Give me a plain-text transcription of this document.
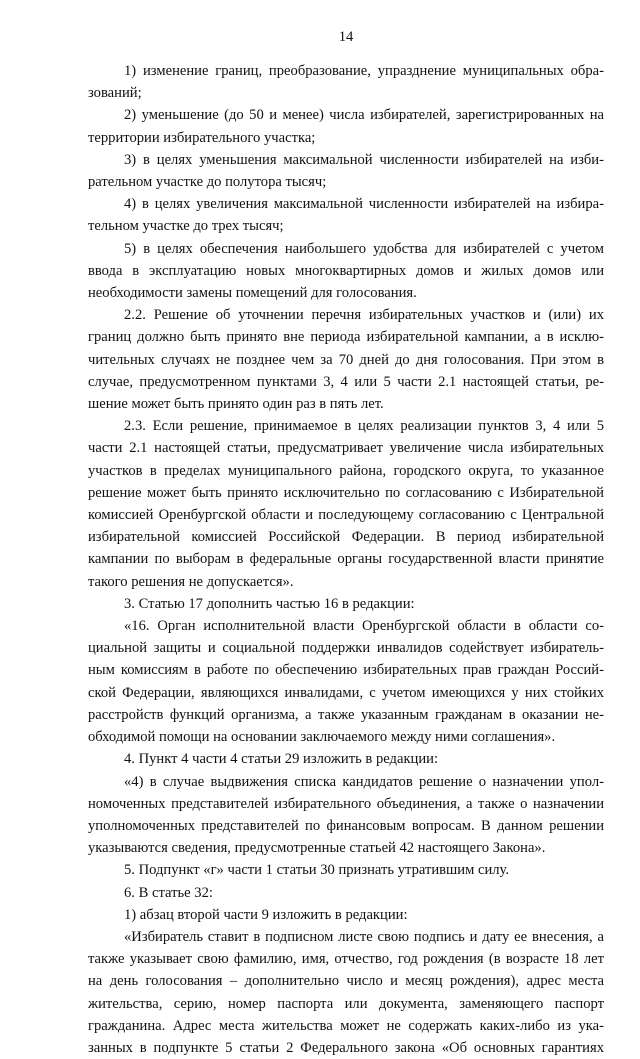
14

1) изменение границ, преобразование, упразднение муниципальных образований;

2) уменьшение (до 50 и менее) числа избирателей, зарегистрированных на территории избирательного участка;

3) в целях уменьшения максимальной численности избирателей на избирательном участке до полутора тысяч;

4) в целях увеличения максимальной численности избирателей на избирательном участке до трех тысяч;

5) в целях обеспечения наибольшего удобства для избирателей с учетом ввода в эксплуатацию новых многоквартирных домов и жилых домов или необходимости замены помещений для голосования.

2.2. Решение об уточнении перечня избирательных участков и (или) их границ должно быть принято вне периода избирательной кампании, а в исключительных случаях не позднее чем за 70 дней до дня голосования. При этом в случае, предусмотренном пунктами 3, 4 или 5 части 2.1 настоящей статьи, решение может быть принято один раз в пять лет.

2.3. Если решение, принимаемое в целях реализации пунктов 3, 4 или 5 части 2.1 настоящей статьи, предусматривает увеличение числа избирательных участков в пределах муниципального района, городского округа, то указанное решение может быть принято исключительно по согласованию с Избирательной комиссией Оренбургской области и последующему согласованию с Центральной избирательной комиссией Российской Федерации. В период избирательной кампании по выборам в федеральные органы государственной власти принятие такого решения не допускается».

3. Статью 17 дополнить частью 16 в редакции:

«16. Орган исполнительной власти Оренбургской области в области социальной защиты и социальной поддержки инвалидов содействует избирательным комиссиям в работе по обеспечению избирательных прав граждан Российской Федерации, являющихся инвалидами, с учетом имеющихся у них стойких расстройств функций организма, а также указанным гражданам в оказании необходимой помощи на основании заключаемого между ними соглашения».

4. Пункт 4 части 4 статьи 29 изложить в редакции:

«4) в случае выдвижения списка кандидатов решение о назначении уполномоченных представителей избирательного объединения, а также о назначении уполномоченных представителей по финансовым вопросам. В данном решении указываются сведения, предусмотренные статьей 42 настоящего Закона».

5. Подпункт «г» части 1 статьи 30 признать утратившим силу.

6. В статье 32:

1) абзац второй части 9 изложить в редакции:

«Избиратель ставит в подписном листе свою подпись и дату ее внесения, а также указывает свою фамилию, имя, отчество, год рождения (в возрасте 18 лет на день голосования – дополнительно число и месяц рождения), адрес места жительства, серию, номер паспорта или документа, заменяющего паспорт гражданина. Адрес места жительства может не содержать каких-либо из указанных в подпункте 5 статьи 2 Федерального закона «Об основных гарантиях
